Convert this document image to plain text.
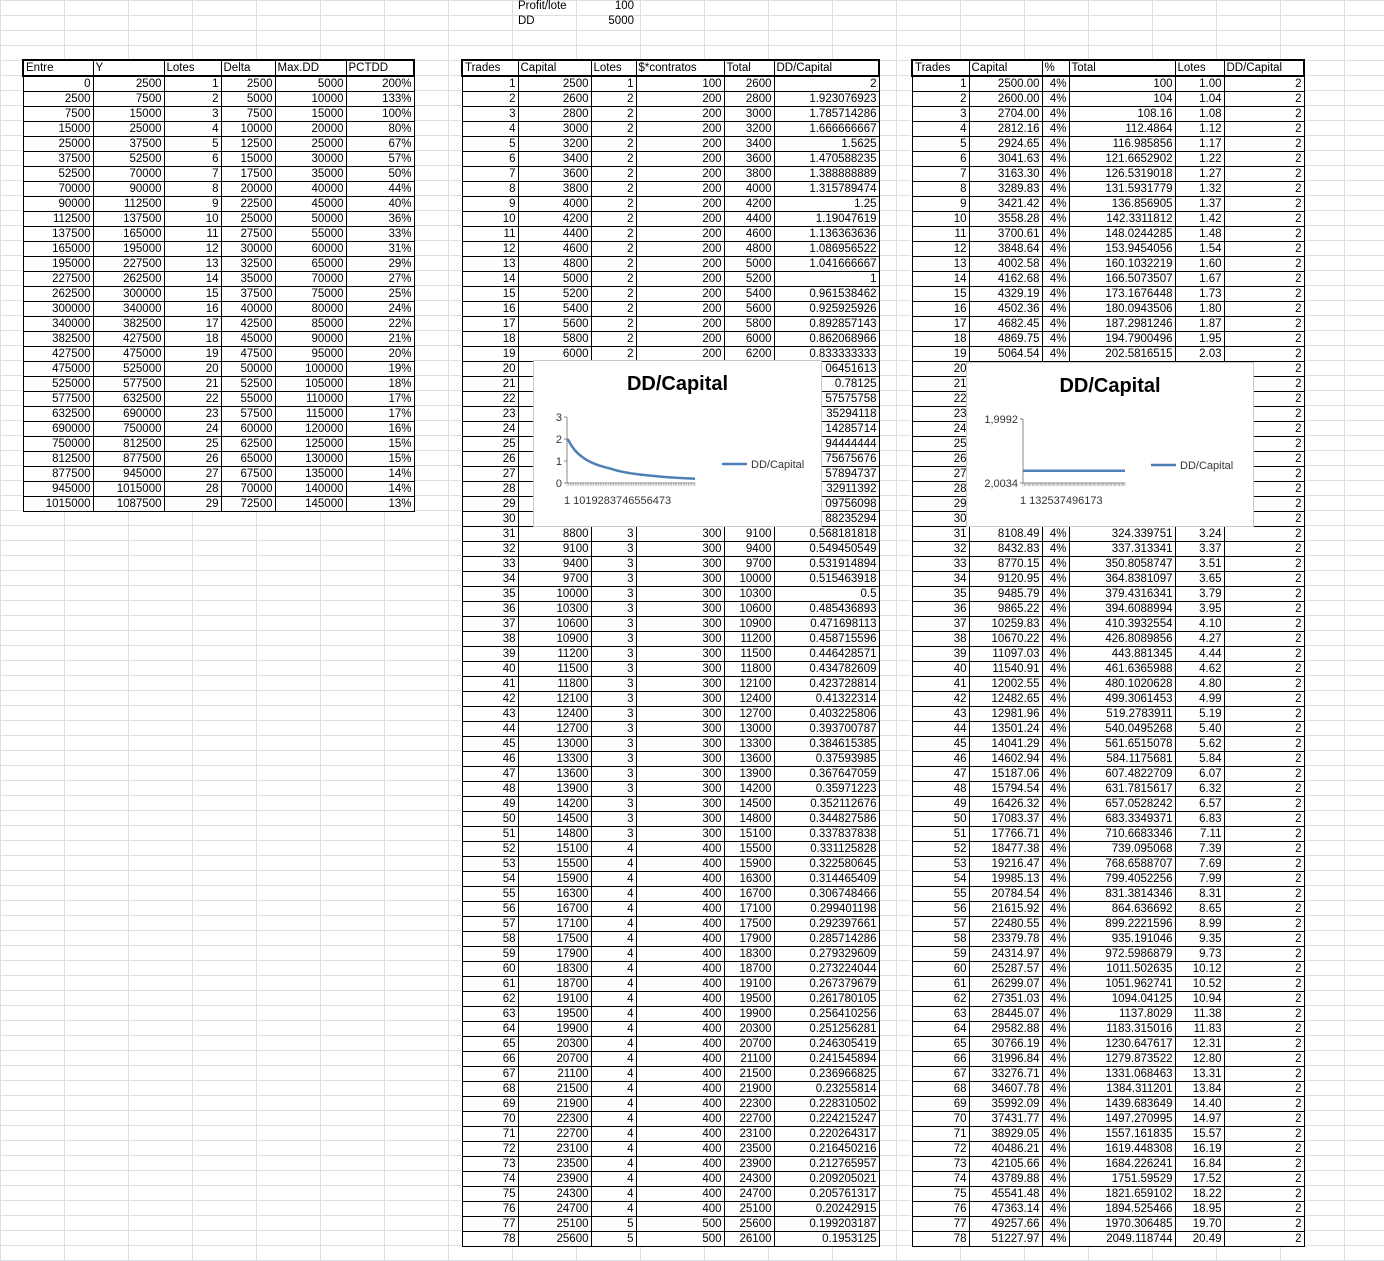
Profit/lote	100
DD	5000
Entre	Y	Lotes	Delta	Max.DD	PCTDD
0	2500	1	2500	5000	200%
2500	7500	2	5000	10000	133%
7500	15000	3	7500	15000	100%
15000	25000	4	10000	20000	80%
25000	37500	5	12500	25000	67%
37500	52500	6	15000	30000	57%
52500	70000	7	17500	35000	50%
70000	90000	8	20000	40000	44%
90000	112500	9	22500	45000	40%
112500	137500	10	25000	50000	36%
137500	165000	11	27500	55000	33%
165000	195000	12	30000	60000	31%
195000	227500	13	32500	65000	29%
227500	262500	14	35000	70000	27%
262500	300000	15	37500	75000	25%
300000	340000	16	40000	80000	24%
340000	382500	17	42500	85000	22%
382500	427500	18	45000	90000	21%
427500	475000	19	47500	95000	20%
475000	525000	20	50000	100000	19%
525000	577500	21	52500	105000	18%
577500	632500	22	55000	110000	17%
632500	690000	23	57500	115000	17%
690000	750000	24	60000	120000	16%
750000	812500	25	62500	125000	15%
812500	877500	26	65000	130000	15%
877500	945000	27	67500	135000	14%
945000	1015000	28	70000	140000	14%
1015000	1087500	29	72500	145000	13%
Trades	Capital	Lotes	$*contratos	Total	DD/Capital
1	2500	1	100	2600	2
2	2600	2	200	2800	1.923076923
3	2800	2	200	3000	1.785714286
4	3000	2	200	3200	1.666666667
5	3200	2	200	3400	1.5625
6	3400	2	200	3600	1.470588235
7	3600	2	200	3800	1.388888889
8	3800	2	200	4000	1.315789474
9	4000	2	200	4200	1.25
10	4200	2	200	4400	1.19047619
11	4400	2	200	4600	1.136363636
12	4600	2	200	4800	1.086956522
13	4800	2	200	5000	1.041666667
14	5000	2	200	5200	1
15	5200	2	200	5400	0.961538462
16	5400	2	200	5600	0.925925926
17	5600	2	200	5800	0.892857143
18	5800	2	200	6000	0.862068966
19	6000	2	200	6200	0.833333333
20					06451613
21					0.78125
22					57575758
23					35294118
24					14285714
25					94444444
26					75675676
27					57894737
28					32911392
29					09756098
30					88235294
31	8800	3	300	9100	0.568181818
32	9100	3	300	9400	0.549450549
33	9400	3	300	9700	0.531914894
34	9700	3	300	10000	0.515463918
35	10000	3	300	10300	0.5
36	10300	3	300	10600	0.485436893
37	10600	3	300	10900	0.471698113
38	10900	3	300	11200	0.458715596
39	11200	3	300	11500	0.446428571
40	11500	3	300	11800	0.434782609
41	11800	3	300	12100	0.423728814
42	12100	3	300	12400	0.41322314
43	12400	3	300	12700	0.403225806
44	12700	3	300	13000	0.393700787
45	13000	3	300	13300	0.384615385
46	13300	3	300	13600	0.37593985
47	13600	3	300	13900	0.367647059
48	13900	3	300	14200	0.35971223
49	14200	3	300	14500	0.352112676
50	14500	3	300	14800	0.344827586
51	14800	3	300	15100	0.337837838
52	15100	4	400	15500	0.331125828
53	15500	4	400	15900	0.322580645
54	15900	4	400	16300	0.314465409
55	16300	4	400	16700	0.306748466
56	16700	4	400	17100	0.299401198
57	17100	4	400	17500	0.292397661
58	17500	4	400	17900	0.285714286
59	17900	4	400	18300	0.279329609
60	18300	4	400	18700	0.273224044
61	18700	4	400	19100	0.267379679
62	19100	4	400	19500	0.261780105
63	19500	4	400	19900	0.256410256
64	19900	4	400	20300	0.251256281
65	20300	4	400	20700	0.246305419
66	20700	4	400	21100	0.241545894
67	21100	4	400	21500	0.236966825
68	21500	4	400	21900	0.23255814
69	21900	4	400	22300	0.228310502
70	22300	4	400	22700	0.224215247
71	22700	4	400	23100	0.220264317
72	23100	4	400	23500	0.216450216
73	23500	4	400	23900	0.212765957
74	23900	4	400	24300	0.209205021
75	24300	4	400	24700	0.205761317
76	24700	4	400	25100	0.20242915
77	25100	5	500	25600	0.199203187
78	25600	5	500	26100	0.1953125
Trades	Capital	%	Total	Lotes	DD/Capital
1	2500.00	4%	100	1.00	2
2	2600.00	4%	104	1.04	2
3	2704.00	4%	108.16	1.08	2
4	2812.16	4%	112.4864	1.12	2
5	2924.65	4%	116.985856	1.17	2
6	3041.63	4%	121.6652902	1.22	2
7	3163.30	4%	126.5319018	1.27	2
8	3289.83	4%	131.5931779	1.32	2
9	3421.42	4%	136.856905	1.37	2
10	3558.28	4%	142.3311812	1.42	2
11	3700.61	4%	148.0244285	1.48	2
12	3848.64	4%	153.9454056	1.54	2
13	4002.58	4%	160.1032219	1.60	2
14	4162.68	4%	166.5073507	1.67	2
15	4329.19	4%	173.1676448	1.73	2
16	4502.36	4%	180.0943506	1.80	2
17	4682.45	4%	187.2981246	1.87	2
18	4869.75	4%	194.7900496	1.95	2
19	5064.54	4%	202.5816515	2.03	2
20					2
21					2
22					2
23					2
24					2
25					2
26					2
27					2
28					2
29					2
30					2
31	8108.49	4%	324.339751	3.24	2
32	8432.83	4%	337.313341	3.37	2
33	8770.15	4%	350.8058747	3.51	2
34	9120.95	4%	364.8381097	3.65	2
35	9485.79	4%	379.4316341	3.79	2
36	9865.22	4%	394.6088994	3.95	2
37	10259.83	4%	410.3932554	4.10	2
38	10670.22	4%	426.8089856	4.27	2
39	11097.03	4%	443.881345	4.44	2
40	11540.91	4%	461.6365988	4.62	2
41	12002.55	4%	480.1020628	4.80	2
42	12482.65	4%	499.3061453	4.99	2
43	12981.96	4%	519.2783911	5.19	2
44	13501.24	4%	540.0495268	5.40	2
45	14041.29	4%	561.6515078	5.62	2
46	14602.94	4%	584.1175681	5.84	2
47	15187.06	4%	607.4822709	6.07	2
48	15794.54	4%	631.7815617	6.32	2
49	16426.32	4%	657.0528242	6.57	2
50	17083.37	4%	683.3349371	6.83	2
51	17766.71	4%	710.6683346	7.11	2
52	18477.38	4%	739.095068	7.39	2
53	19216.47	4%	768.6588707	7.69	2
54	19985.13	4%	799.4052256	7.99	2
55	20784.54	4%	831.3814346	8.31	2
56	21615.92	4%	864.636692	8.65	2
57	22480.55	4%	899.2221596	8.99	2
58	23379.78	4%	935.191046	9.35	2
59	24314.97	4%	972.5986879	9.73	2
60	25287.57	4%	1011.502635	10.12	2
61	26299.07	4%	1051.962741	10.52	2
62	27351.03	4%	1094.04125	10.94	2
63	28445.07	4%	1137.8029	11.38	2
64	29582.88	4%	1183.315016	11.83	2
65	30766.19	4%	1230.647617	12.31	2
66	31996.84	4%	1279.873522	12.80	2
67	33276.71	4%	1331.068463	13.31	2
68	34607.78	4%	1384.311201	13.84	2
69	35992.09	4%	1439.683649	14.40	2
70	37431.77	4%	1497.270995	14.97	2
71	38929.05	4%	1557.161835	15.57	2
72	40486.21	4%	1619.448308	16.19	2
73	42105.66	4%	1684.226241	16.84	2
74	43789.88	4%	1751.59529	17.52	2
75	45541.48	4%	1821.659102	18.22	2
76	47363.14	4%	1894.525466	18.95	2
77	49257.66	4%	1970.306485	19.70	2
78	51227.97	4%	2049.118744	20.49	2
DD/Capital
0
1
2
3
1 1019283746556473
DD/Capital
DD/Capital
2,0034
1,9992
1 132537496173
DD/Capital
